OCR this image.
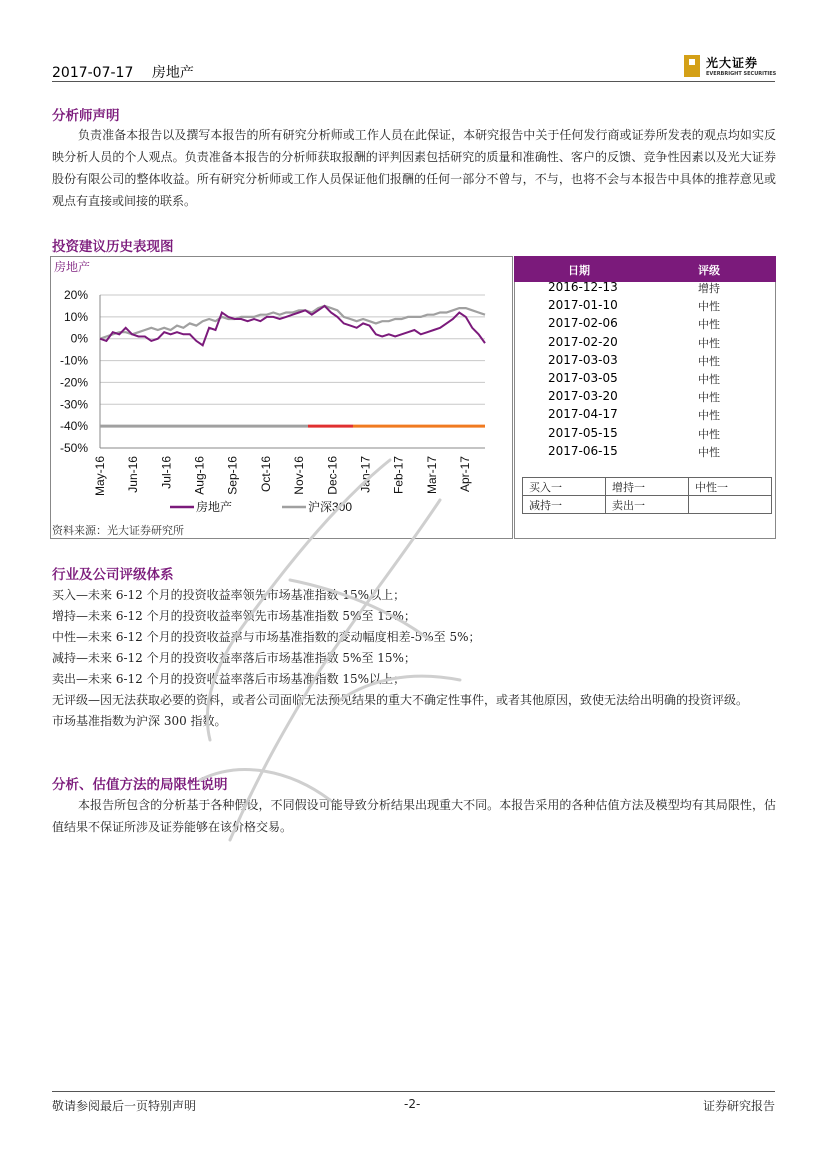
2017-07-17 房地产
光大证券
EVERBRIGHT SECURITIES
分析师声明

负责准备本报告以及撰写本报告的所有研究分析师或工作人员在此保证，本研究报告中关于任何发行商或证券所发表的观点均如实反映分析人员的个人观点。负责准备本报告的分析师获取报酬的评判因素包括研究的质量和准确性、客户的反馈、竞争性因素以及光大证券股份有限公司的整体收益。所有研究分析师或工作人员保证他们报酬的任何一部分不曾与，不与，也将不会与本报告中具体的推荐意见或观点有直接或间接的联系。

投资建议历史表现图
房地产
20%
10%
0%
-10%
-20%
-30%
-40%
-50%
May-16 Jun-16 Jul-16 Aug-16 Sep-16 Oct-16 Nov-16 Dec-16 Jan-17 Feb-17 Mar-17 Apr-17
房地产	沪深300
资料来源：光大证券研究所
日期	评级
2016-12-13	增持
2017-01-10	中性
2017-02-06	中性
2017-02-20	中性
2017-03-03	中性
2017-03-05	中性
2017-03-20	中性
2017-04-17	中性
2017-05-15	中性
2017-06-15	中性
买入一	增持一	中性一
减持一	卖出一	
行业及公司评级体系

买入—未来 6-12 个月的投资收益率领先市场基准指数 15%以上；

增持—未来 6-12 个月的投资收益率领先市场基准指数 5%至 15%；

中性—未来 6-12 个月的投资收益率与市场基准指数的变动幅度相差-5%至 5%；

减持—未来 6-12 个月的投资收益率落后市场基准指数 5%至 15%；

卖出—未来 6-12 个月的投资收益率落后市场基准指数 15%以上；

无评级—因无法获取必要的资料，或者公司面临无法预见结果的重大不确定性事件，或者其他原因，致使无法给出明确的投资评级。

市场基准指数为沪深 300 指数。

分析、估值方法的局限性说明

本报告所包含的分析基于各种假设，不同假设可能导致分析结果出现重大不同。本报告采用的各种估值方法及模型均有其局限性，估值结果不保证所涉及证券能够在该价格交易。

敬请参阅最后一页特别声明	-2-	证券研究报告
